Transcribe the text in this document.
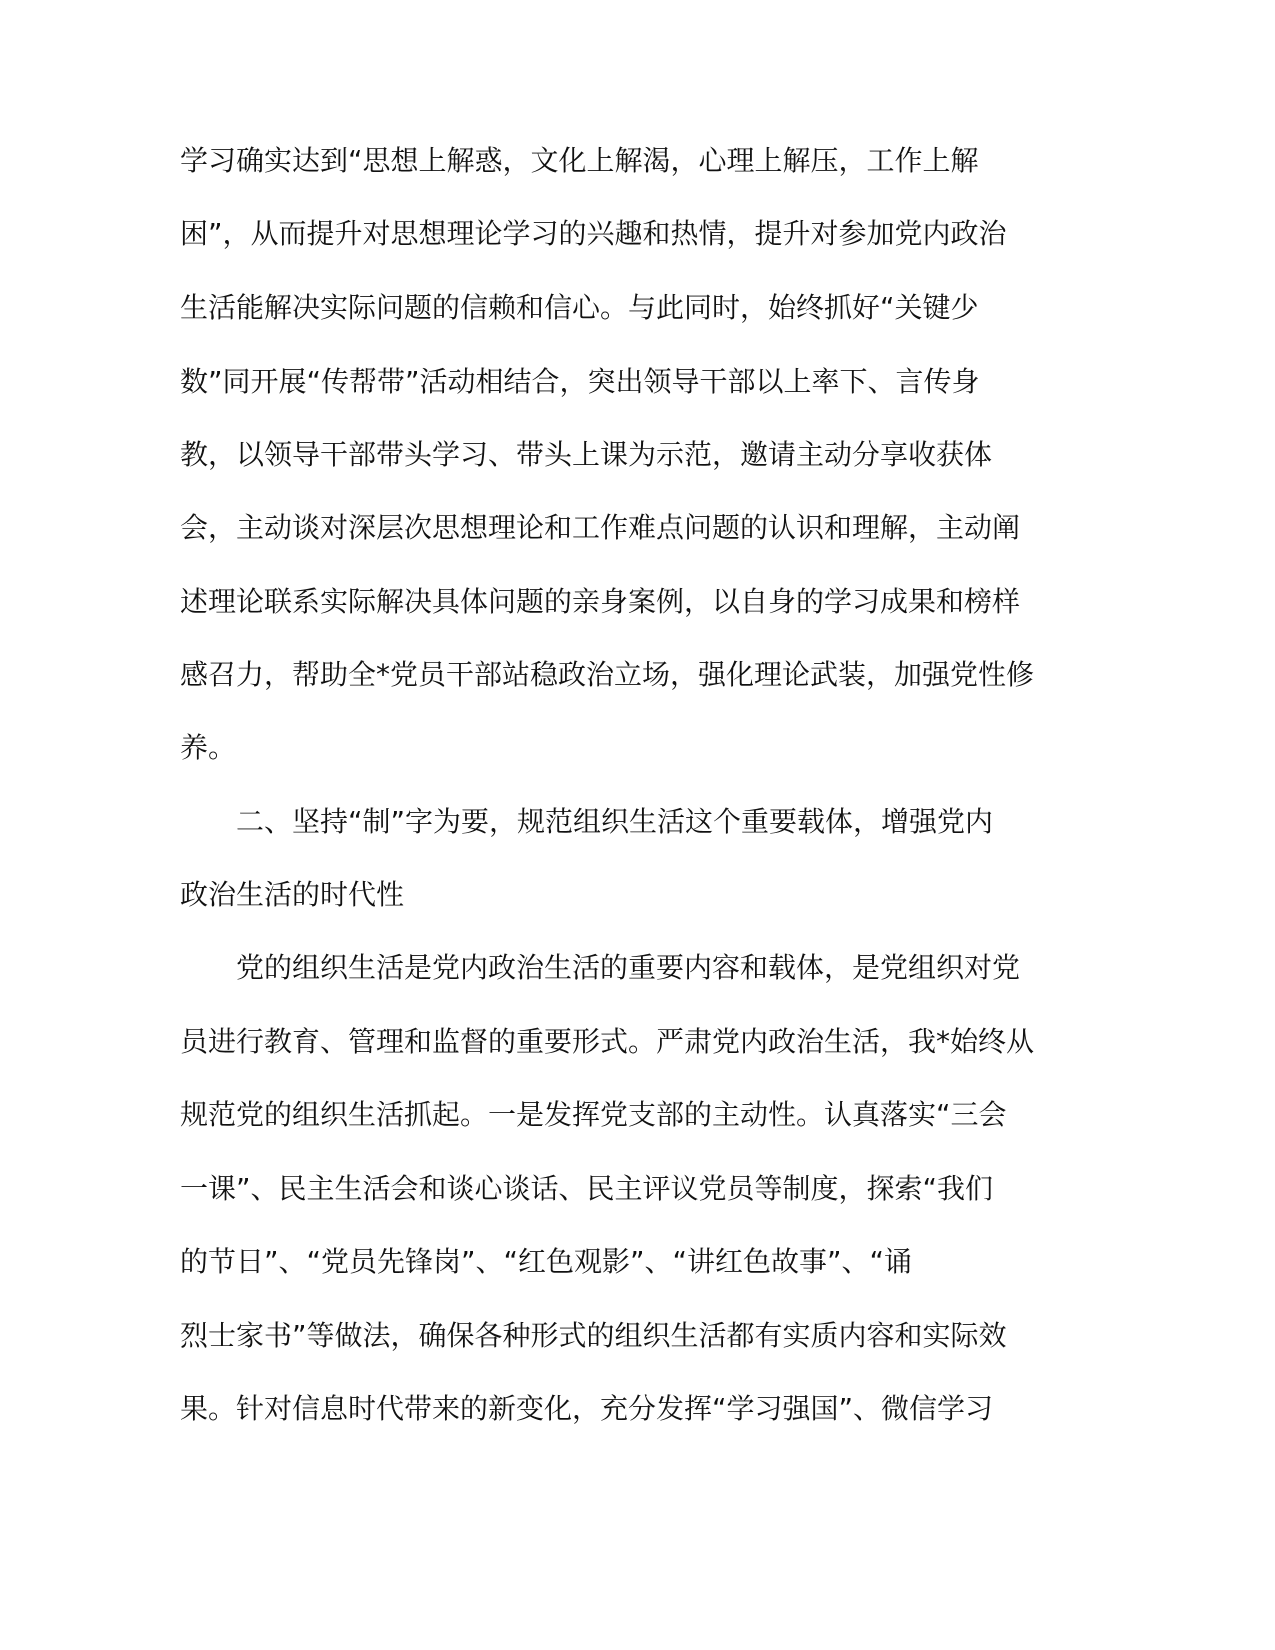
学习确实达到“思想上解惑，文化上解渴，心理上解压，工作上解
困”，从而提升对思想理论学习的兴趣和热情，提升对参加党内政治
生活能解决实际问题的信赖和信心。与此同时，始终抓好“关键少
数”同开展“传帮带”活动相结合，突出领导干部以上率下、言传身
教，以领导干部带头学习、带头上课为示范，邀请主动分享收获体
会，主动谈对深层次思想理论和工作难点问题的认识和理解，主动阐
述理论联系实际解决具体问题的亲身案例，以自身的学习成果和榜样
感召力，帮助全*党员干部站稳政治立场，强化理论武装，加强党性修
养。
二、坚持“制”字为要，规范组织生活这个重要载体，增强党内
政治生活的时代性
党的组织生活是党内政治生活的重要内容和载体，是党组织对党
员进行教育、管理和监督的重要形式。严肃党内政治生活，我*始终从
规范党的组织生活抓起。一是发挥党支部的主动性。认真落实“三会
一课”、民主生活会和谈心谈话、民主评议党员等制度，探索“我们
的节日”、“党员先锋岗”、“红色观影”、“讲红色故事”、“诵
烈士家书”等做法，确保各种形式的组织生活都有实质内容和实际效
果。针对信息时代带来的新变化，充分发挥“学习强国”、微信学习
